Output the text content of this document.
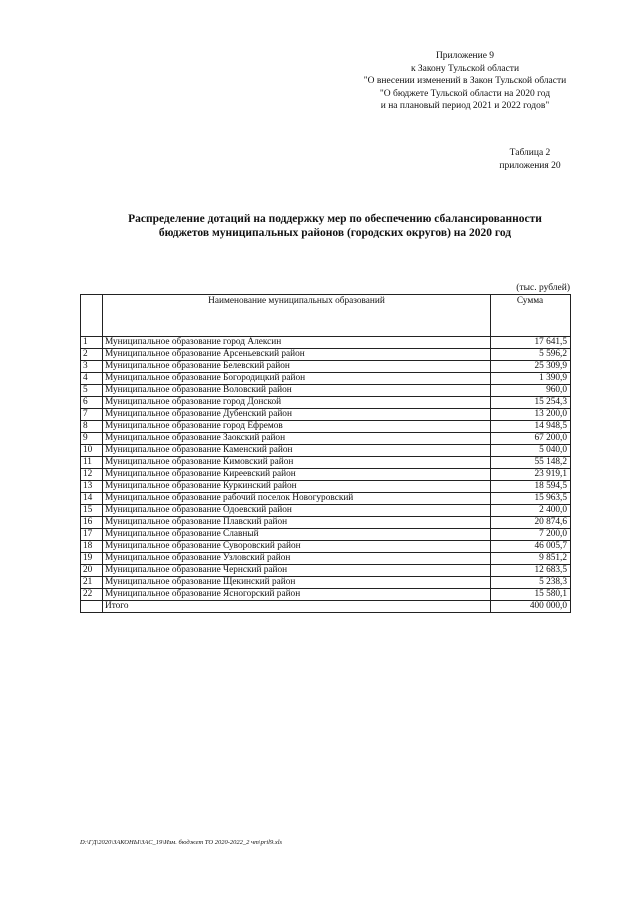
Приложение 9
к Закону Тульской области
"О внесении изменений в Закон Тульской области
"О бюджете Тульской области на 2020 год
и на плановый период 2021 и 2022 годов"
Таблица 2
приложения 20
Распределение дотаций на поддержку мер по обеспечению сбалансированности
бюджетов муниципальных районов (городских округов) на 2020 год
(тыс. рублей)
	Наименование муниципальных образований	Сумма
1	Муниципальное образование город Алексин	17 641,5
2	Муниципальное образование Арсеньевский район	5 596,2
3	Муниципальное образование Белевский район	25 309,9
4	Муниципальное образование Богородицкий район	1 390,9
5	Муниципальное образование Воловский район	960,0
6	Муниципальное образование город Донской	15 254,3
7	Муниципальное образование Дубенский район	13 200,0
8	Муниципальное образование город Ефремов	14 948,5
9	Муниципальное образование Заокский район	67 200,0
10	Муниципальное образование Каменский район	5 040,0
11	Муниципальное образование Кимовский район	55 148,2
12	Муниципальное образование Киреевский район	23 919,1
13	Муниципальное образование Куркинский район	18 594,5
14	Муниципальное образование рабочий поселок Новогуровский	15 963,5
15	Муниципальное образование Одоевский район	2 400,0
16	Муниципальное образование Плавский район	20 874,6
17	Муниципальное образование Славный	7 200,0
18	Муниципальное образование Суворовский район	46 005,7
19	Муниципальное образование Узловский район	9 851,2
20	Муниципальное образование Чернский район	12 683,5
21	Муниципальное образование Щекинский район	5 238,3
22	Муниципальное образование Ясногорский район	15 580,1
	Итого	400 000,0
D:\ГД\2020\ЗАКОНЫ\ЗАС_19\Изм. бюджет ТО 2020-2022_2 чт\pril9.xls
